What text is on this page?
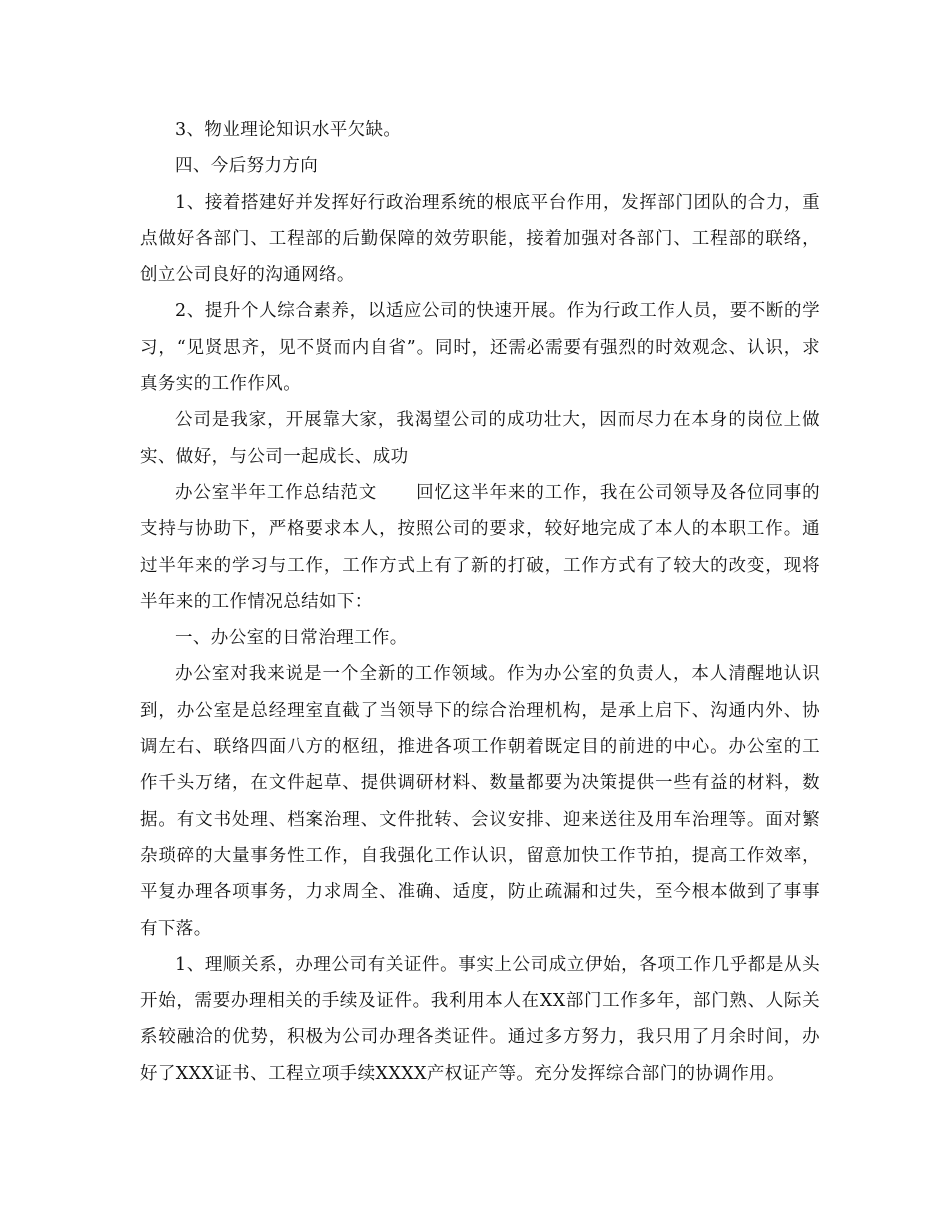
3、物业理论知识水平欠缺。

四、今后努力方向

1、接着搭建好并发挥好行政治理系统的根底平台作用，发挥部门团队的合力，重点做好各部门、工程部的后勤保障的效劳职能，接着加强对各部门、工程部的联络，创立公司良好的沟通网络。

2、提升个人综合素养，以适应公司的快速开展。作为行政工作人员，要不断的学习，“见贤思齐，见不贤而内自省”。同时，还需必需要有强烈的时效观念、认识，求真务实的工作作风。

公司是我家，开展靠大家，我渴望公司的成功壮大，因而尽力在本身的岗位上做实、做好，与公司一起成长、成功

办公室半年工作总结范文 回忆这半年来的工作，我在公司领导及各位同事的支持与协助下，严格要求本人，按照公司的要求，较好地完成了本人的本职工作。通过半年来的学习与工作，工作方式上有了新的打破，工作方式有了较大的改变，现将半年来的工作情况总结如下：

一、办公室的日常治理工作。

办公室对我来说是一个全新的工作领域。作为办公室的负责人，本人清醒地认识到，办公室是总经理室直截了当领导下的综合治理机构，是承上启下、沟通内外、协调左右、联络四面八方的枢纽，推进各项工作朝着既定目的前进的中心。办公室的工作千头万绪，在文件起草、提供调研材料、数量都要为决策提供一些有益的材料，数据。有文书处理、档案治理、文件批转、会议安排、迎来送往及用车治理等。面对繁杂琐碎的大量事务性工作，自我强化工作认识，留意加快工作节拍，提高工作效率，平复办理各项事务，力求周全、准确、适度，防止疏漏和过失，至今根本做到了事事有下落。

1、理顺关系，办理公司有关证件。事实上公司成立伊始，各项工作几乎都是从头开始，需要办理相关的手续及证件。我利用本人在XX部门工作多年，部门熟、人际关系较融洽的优势，积极为公司办理各类证件。通过多方努力，我只用了月余时间，办好了XXX证书、工程立项手续XXXX产权证产等。充分发挥综合部门的协调作用。
